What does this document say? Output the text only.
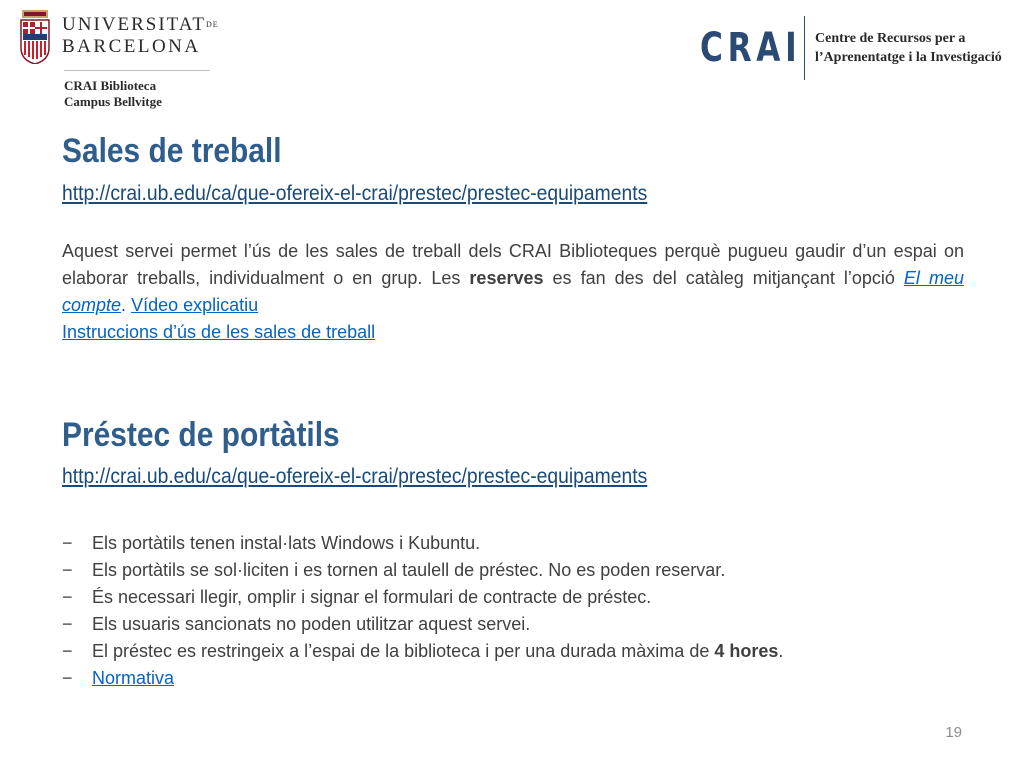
$UNIVERSITAT^{DE}$
BARCELONA
CRAI Biblioteca
Campus Bellvitge
CRAI Centre de Recursos per a
l’Aprenentatge i la Investigació
Sales de treball
http://crai.ub.edu/ca/que-ofereix-el-crai/prestec/prestec-equipaments
Aquest servei permet l’ús de les sales de treball dels CRAI Biblioteques perquè pugueu gaudir d’un espai on elaborar treballs, individualment o en grup. Les reserves es fan des del catàleg mitjançant l’opció El meu compte. Vídeo explicatiu
Instruccions d’ús de les sales de treball
Préstec de portàtils
http://crai.ub.edu/ca/que-ofereix-el-crai/prestec/prestec-equipaments
− Els portàtils tenen instal·lats Windows i Kubuntu.
− Els portàtils se sol·liciten i es tornen al taulell de préstec. No es poden reservar.
− És necessari llegir, omplir i signar el formulari de contracte de préstec.
− Els usuaris sancionats no poden utilitzar aquest servei.
− El préstec es restringeix a l’espai de la biblioteca i per una durada màxima de 4 hores.
− Normativa
19
